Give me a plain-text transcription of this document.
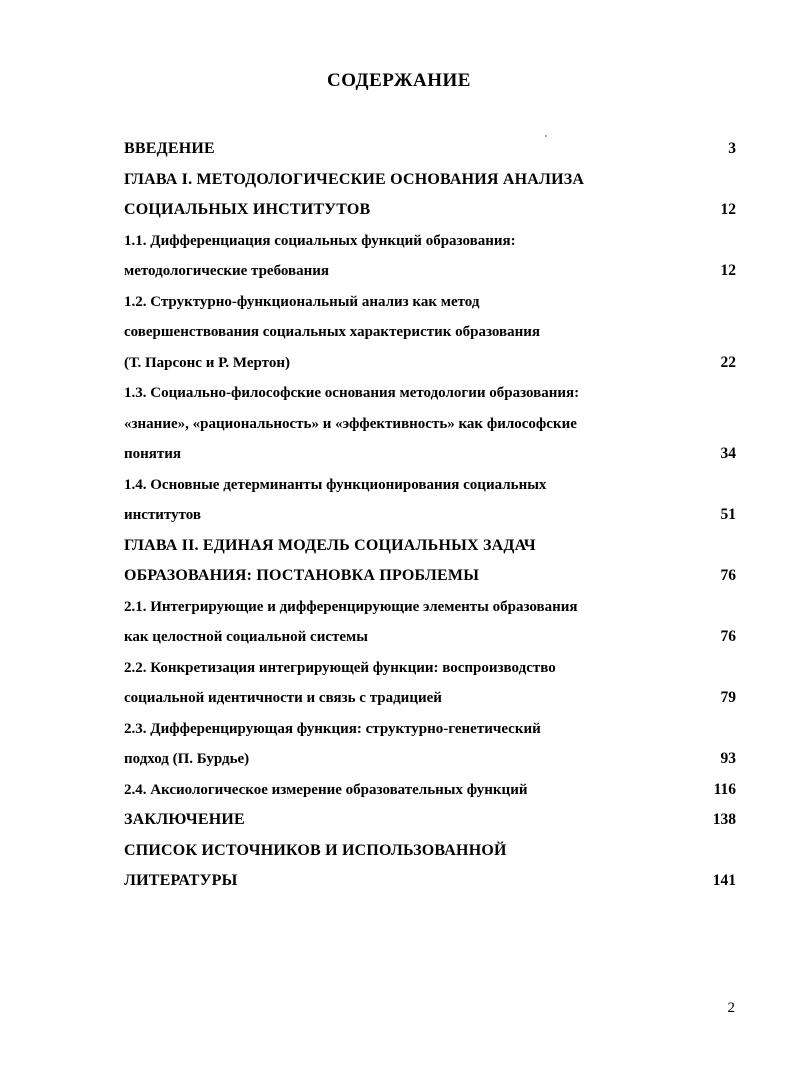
СОДЕРЖАНИЕ
ВВЕДЕНИЕ	3
ГЛАВА I. МЕТОДОЛОГИЧЕСКИЕ ОСНОВАНИЯ АНАЛИЗА
СОЦИАЛЬНЫХ ИНСТИТУТОВ	12
1.1. Дифференциация социальных функций образования:
методологические требования	12
1.2. Структурно-функциональный анализ как метод
совершенствования социальных характеристик образования
(Т. Парсонс и Р. Мертон)	22
1.3. Социально-философские основания методологии образования:
«знание», «рациональность» и «эффективность» как философские
понятия	34
1.4. Основные детерминанты функционирования социальных
институтов	51
ГЛАВА II. ЕДИНАЯ МОДЕЛЬ СОЦИАЛЬНЫХ ЗАДАЧ
ОБРАЗОВАНИЯ: ПОСТАНОВКА ПРОБЛЕМЫ	76
2.1. Интегрирующие и дифференцирующие элементы образования
как целостной социальной системы	76
2.2. Конкретизация интегрирующей функции: воспроизводство
социальной идентичности и связь с традицией	79
2.3. Дифференцирующая функция: структурно-генетический
подход (П. Бурдье)	93
2.4. Аксиологическое измерение образовательных функций	116
ЗАКЛЮЧЕНИЕ	138
СПИСОК ИСТОЧНИКОВ И ИСПОЛЬЗОВАННОЙ
ЛИТЕРАТУРЫ	141
2
